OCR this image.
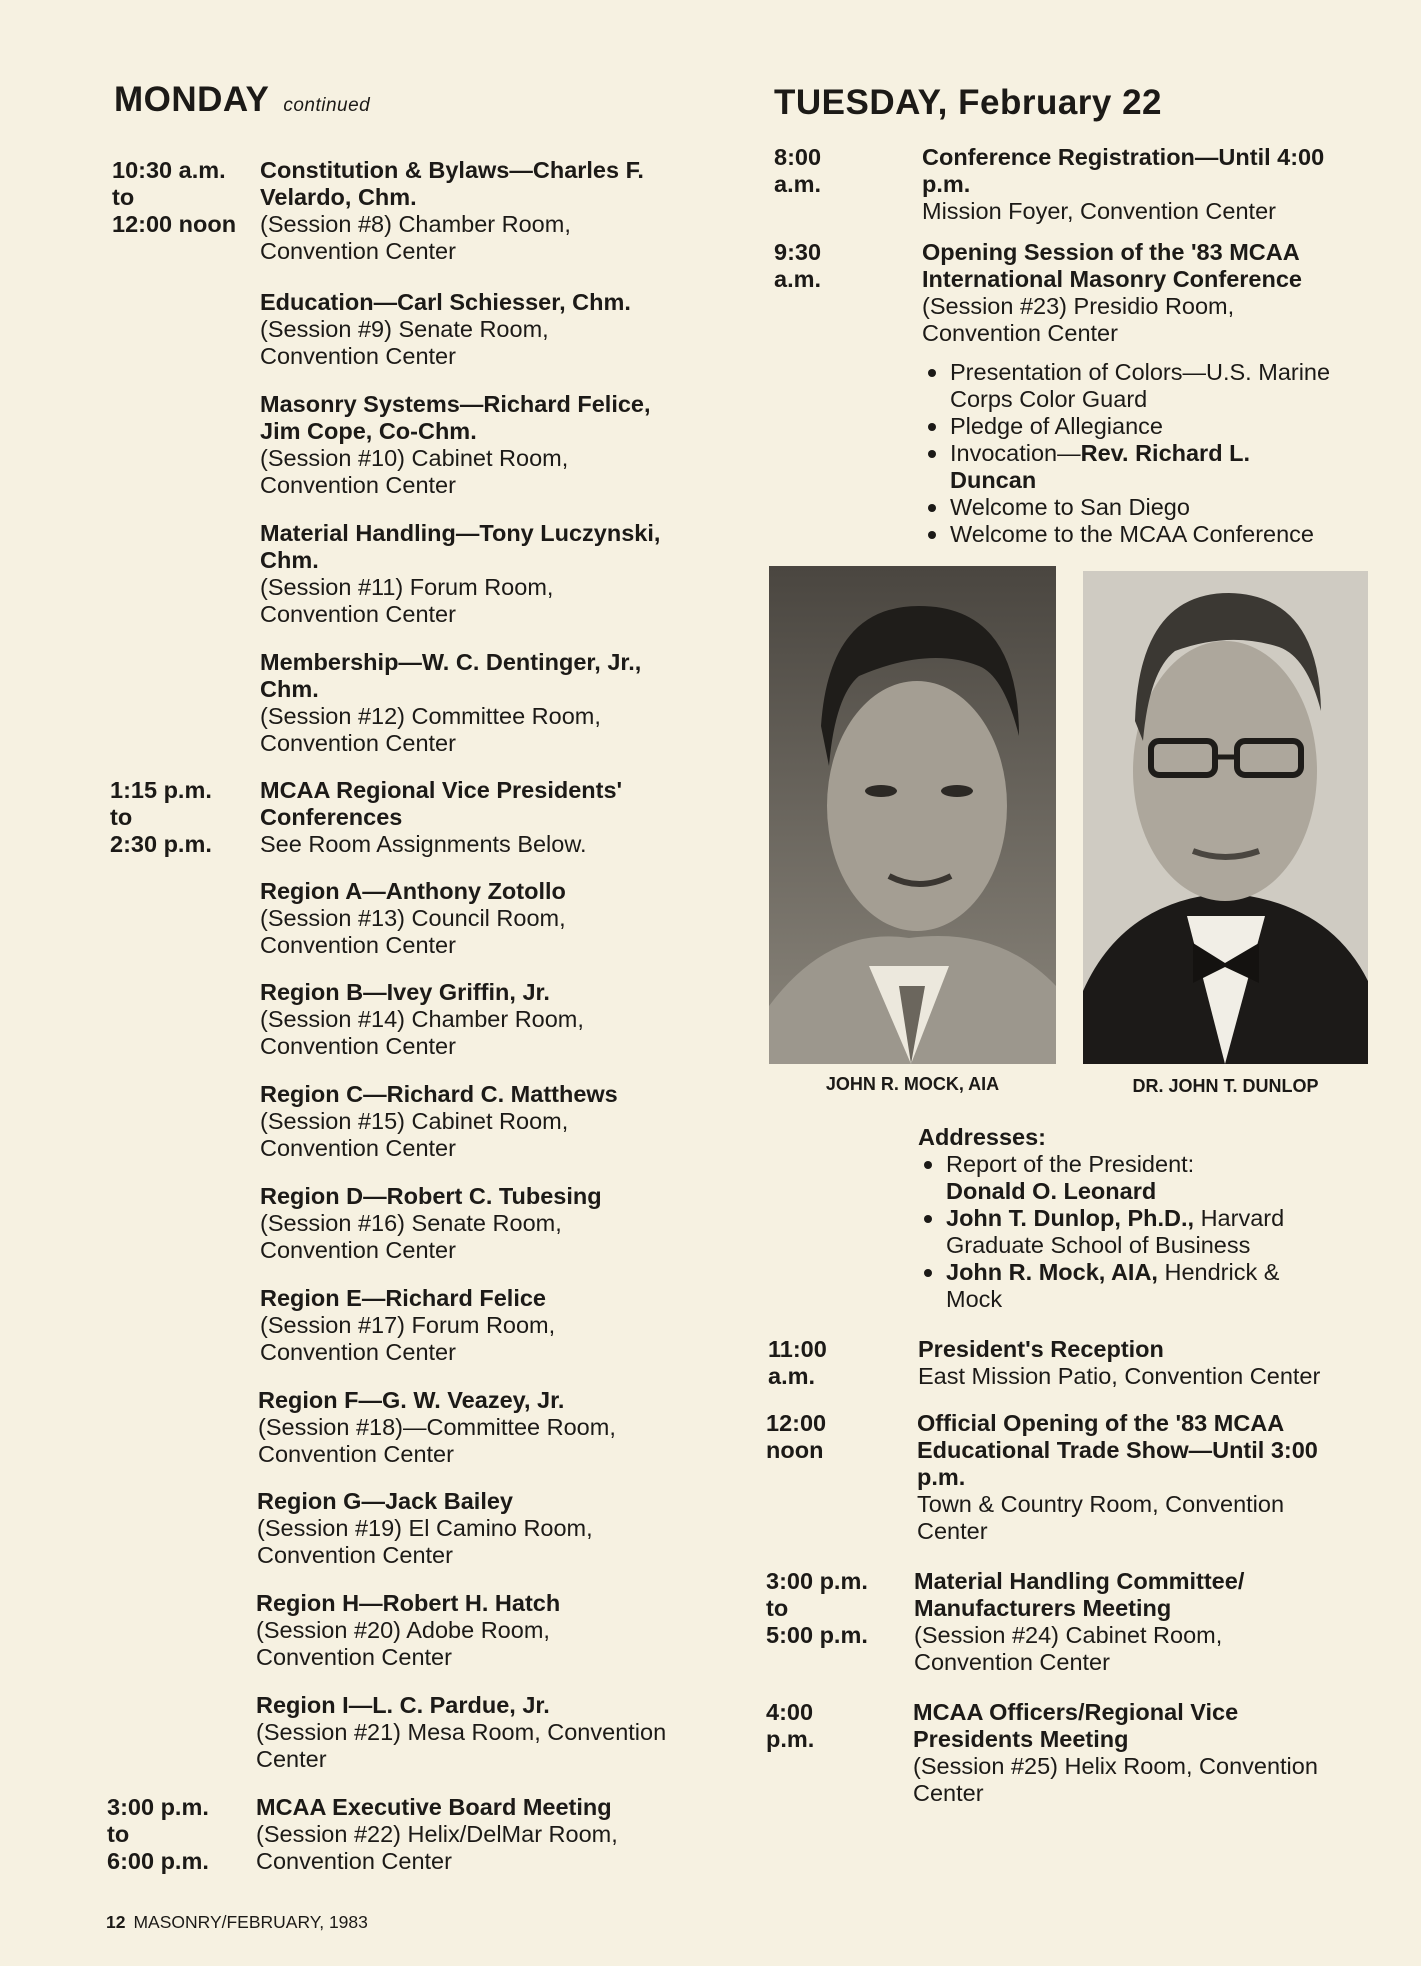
MONDAY continued
10:30 a.m.
to
12:00 noon
Constitution & Bylaws—Charles F.
Velardo, Chm.
(Session #8) Chamber Room,
Convention Center
Education—Carl Schiesser, Chm.
(Session #9) Senate Room,
Convention Center
Masonry Systems—Richard Felice,
Jim Cope, Co-Chm.
(Session #10) Cabinet Room,
Convention Center
Material Handling—Tony Luczynski,
Chm.
(Session #11) Forum Room,
Convention Center
Membership—W. C. Dentinger, Jr.,
Chm.
(Session #12) Committee Room,
Convention Center
1:15 p.m.
to
2:30 p.m.
MCAA Regional Vice Presidents'
Conferences
See Room Assignments Below.
Region A—Anthony Zotollo
(Session #13) Council Room,
Convention Center
Region B—Ivey Griffin, Jr.
(Session #14) Chamber Room,
Convention Center
Region C—Richard C. Matthews
(Session #15) Cabinet Room,
Convention Center
Region D—Robert C. Tubesing
(Session #16) Senate Room,
Convention Center
Region E—Richard Felice
(Session #17) Forum Room,
Convention Center
Region F—G. W. Veazey, Jr.
(Session #18)—Committee Room,
Convention Center
Region G—Jack Bailey
(Session #19) El Camino Room,
Convention Center
Region H—Robert H. Hatch
(Session #20) Adobe Room,
Convention Center
Region I—L. C. Pardue, Jr.
(Session #21) Mesa Room, Convention
Center
3:00 p.m.
to
6:00 p.m.
MCAA Executive Board Meeting
(Session #22) Helix/DelMar Room,
Convention Center
TUESDAY, February 22
8:00 a.m.
Conference Registration—Until 4:00
p.m.
Mission Foyer, Convention Center
9:30 a.m.
Opening Session of the '83 MCAA
International Masonry Conference
(Session #23) Presidio Room,
Convention Center
Presentation of Colors—U.S. Marine
Corps Color Guard
Pledge of Allegiance
Invocation—Rev. Richard L.
Duncan
Welcome to San Diego
Welcome to the MCAA Conference
JOHN R. MOCK, AIA	DR. JOHN T. DUNLOP
Addresses:
Report of the President:
Donald O. Leonard
John T. Dunlop, Ph.D., Harvard
Graduate School of Business
John R. Mock, AIA, Hendrick &
Mock
11:00 a.m.
President's Reception
East Mission Patio, Convention Center
12:00 noon
Official Opening of the '83 MCAA
Educational Trade Show—Until 3:00
p.m.
Town & Country Room, Convention
Center
3:00 p.m.
to
5:00 p.m.
Material Handling Committee/
Manufacturers Meeting
(Session #24) Cabinet Room,
Convention Center
4:00 p.m.
MCAA Officers/Regional Vice
Presidents Meeting
(Session #25) Helix Room, Convention
Center
12 MASONRY/FEBRUARY, 1983
